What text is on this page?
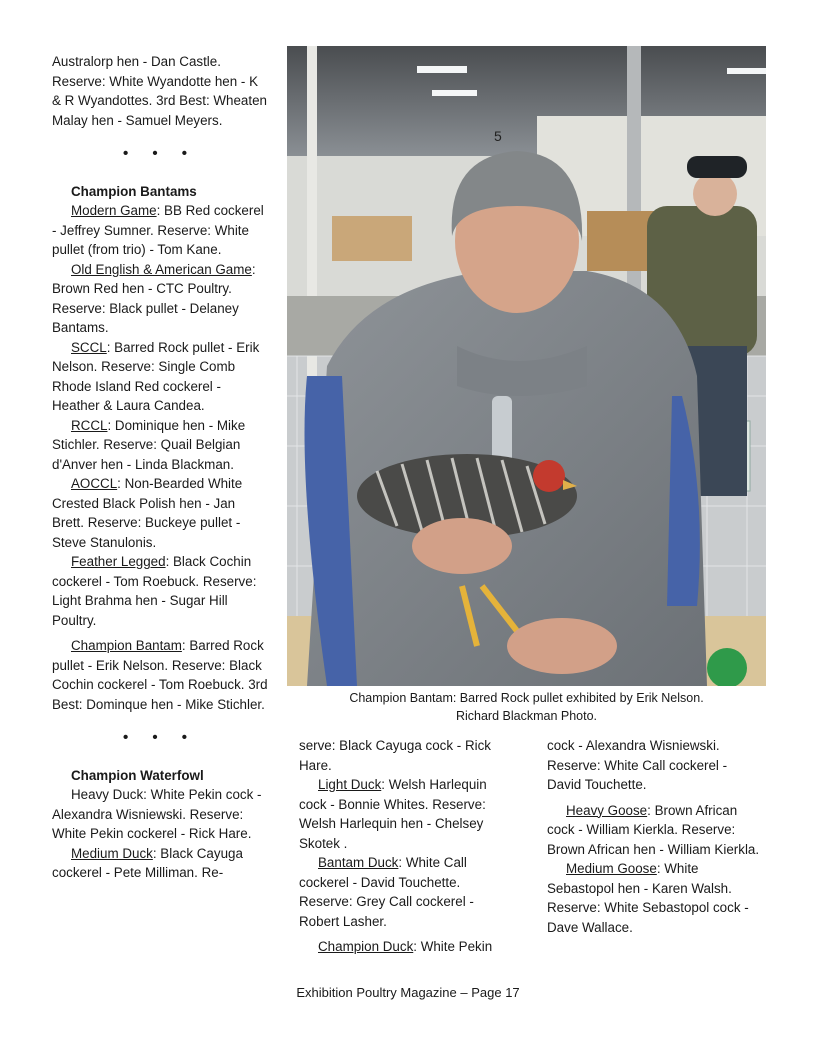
Australorp hen - Dan Castle. Reserve: White Wyandotte hen - K & R Wyandottes. 3rd Best: Wheaten Malay hen - Samuel Meyers.

• • •

Champion Bantams

Modern Game: BB Red cockerel - Jeffrey Sumner. Reserve: White pullet (from trio) - Tom Kane.

Old English & American Game: Brown Red hen - CTC Poultry. Reserve: Black pullet - Delaney Bantams.

SCCL: Barred Rock pullet - Erik Nelson. Reserve: Single Comb Rhode Island Red cockerel - Heather & Laura Candea.

RCCL: Dominique hen - Mike Stichler. Reserve: Quail Belgian d'Anver hen - Linda Blackman.

AOCCL: Non-Bearded White Crested Black Polish hen - Jan Brett. Reserve: Buckeye pullet - Steve Stanulonis.

Feather Legged: Black Cochin cockerel - Tom Roebuck. Reserve: Light Brahma hen - Sugar Hill Poultry.

Champion Bantam: Barred Rock pullet - Erik Nelson. Reserve: Black Cochin cockerel - Tom Roebuck. 3rd Best: Dominque hen - Mike Stichler.

• • •

Champion Waterfowl

Heavy Duck: White Pekin cock - Alexandra Wisniewski. Reserve: White Pekin cockerel - Rick Hare.

Medium Duck: Black Cayuga cockerel - Pete Milliman. Re-

5

Champion Bantam: Barred Rock pullet exhibited by Erik Nelson.

Richard Blackman Photo.

serve: Black Cayuga cock - Rick Hare.

Light Duck: Welsh Harlequin cock - Bonnie Whites. Reserve: Welsh Harlequin hen - Chelsey Skotek .

Bantam Duck: White Call cockerel - David Touchette. Reserve: Grey Call cockerel - Robert Lasher.

Champion Duck: White Pekin

cock - Alexandra Wisniewski. Reserve: White Call cockerel - David Touchette.

Heavy Goose: Brown African cock - William Kierkla. Reserve: Brown African hen - William Kierkla.

Medium Goose: White Sebastopol hen - Karen Walsh. Reserve: White Sebastopol cock - Dave Wallace.

Exhibition Poultry Magazine – Page 17
